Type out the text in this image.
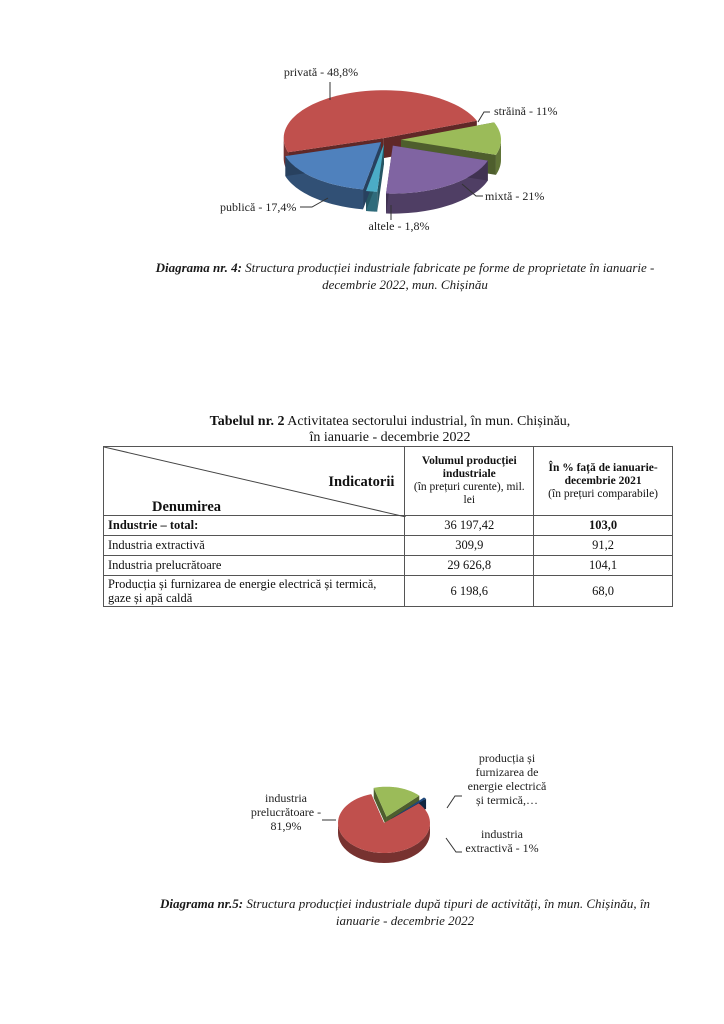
privată - 48,8%
străină - 11%
mixtă - 21%
altele - 1,8%
publică - 17,4%
Diagrama nr. 4: Structura producției industriale fabricate pe forme de proprietate în ianuarie - decembrie 2022, mun. Chișinău
Tabelul nr. 2 Activitatea sectorului industrial, în mun. Chișinău,
în ianuarie - decembrie 2022
Indicatorii
Denumirea

Volumul producției industriale
(în prețuri curente), mil. lei

În % față de ianuarie-decembrie 2021
(în prețuri comparabile)

Industrie – total:	36 197,42	103,0
Industria extractivă	309,9	91,2
Industria prelucrătoare	29 626,8	104,1
Producția și furnizarea de energie electrică și termică, gaze și apă caldă	6 198,6	68,0
industria
prelucrătoare -
81,9%
producția și
furnizarea de
energie electrică
și termică,…
industria
extractivă - 1%
Diagrama nr.5: Structura producției industriale după tipuri de activități, în mun. Chișinău, în ianuarie - decembrie 2022
